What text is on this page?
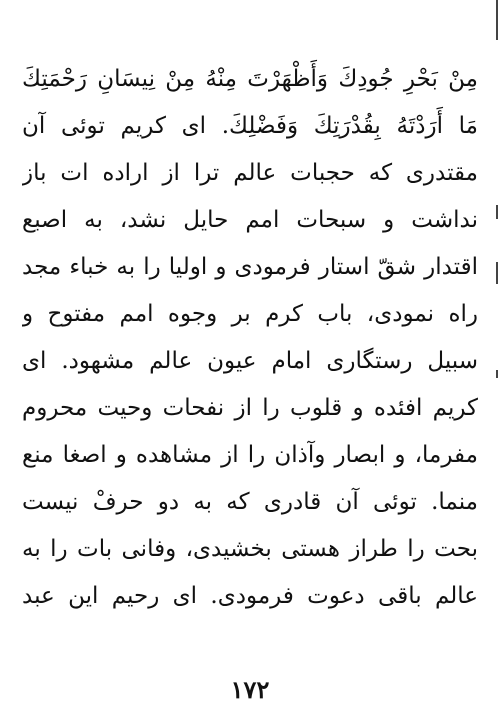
مِنْ بَحْرِ جُودِكَ وَأَظْهَرْتَ مِنْهُ مِنْ نِيسَانِ رَحْمَتِكَ
مَا أَرَدْتَهُ بِقُدْرَتِكَ وَفَضْلِكَ. ای کریم توئی آن
مقتدری که حجبات عالم ترا از اراده ات باز
نداشت و سبحات امم حایل نشد، به اصبع
اقتدار شقّ استار فرمودی و اولیا را به خباء مجد
راه نمودی، باب کرم بر وجوه امم مفتوح و
سبیل رستگاری امام عیون عالم مشهود. ای
کریم افئده و قلوب را از نفحات وحیت محروم
مفرما، و ابصار وآذان را از مشاهده و اصغا منع
منما. توئی آن قادری که به دو حرفْ نیست
بحت را طراز هستی بخشیدی، وفانی بات را به
عالم باقی دعوت فرمودی. ای رحیم این عبد
۱۷۲
